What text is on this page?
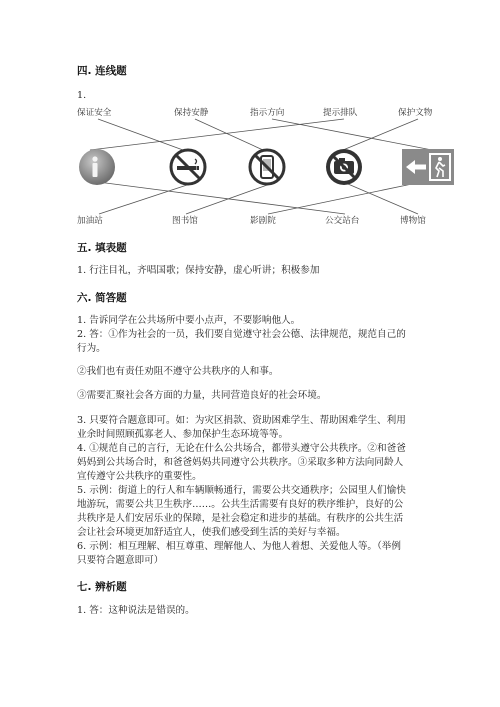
四. 连线题
1.
保证安全	保持安静	指示方向	提示排队	保护文物
加油站	图书馆	影剧院	公交站台	博物馆
五. 填表题
1. 行注目礼，齐唱国歌；保持安静，虚心听讲；积极参加
六. 简答题
1. 告诉同学在公共场所中要小点声，不要影响他人。
2. 答：①作为社会的一员，我们要自觉遵守社会公德、法律规范，规范自己的
行为。
②我们也有责任劝阻不遵守公共秩序的人和事。
③需要汇聚社会各方面的力量，共同营造良好的社会环境。
3. 只要符合题意即可。如：为灾区捐款、资助困难学生、帮助困难学生、利用
业余时间照顾孤寡老人、参加保护生态环境等等。
4. ①规范自己的言行，无论在什么公共场合，都带头遵守公共秩序。②和爸爸
妈妈到公共场合时，和爸爸妈妈共同遵守公共秩序。③采取多种方法向同龄人
宣传遵守公共秩序的重要性。
5. 示例：街道上的行人和车辆顺畅通行，需要公共交通秩序；公园里人们愉快
地游玩，需要公共卫生秩序……。公共生活需要有良好的秩序维护，良好的公
共秩序是人们安居乐业的保障，是社会稳定和进步的基础。有秩序的公共生活
会让社会环境更加舒适宜人，使我们感受到生活的美好与幸福。
6. 示例：相互理解、相互尊重、理解他人、为他人着想、关爱他人等。（举例
只要符合题意即可）
七. 辨析题
1. 答：这种说法是错误的。
